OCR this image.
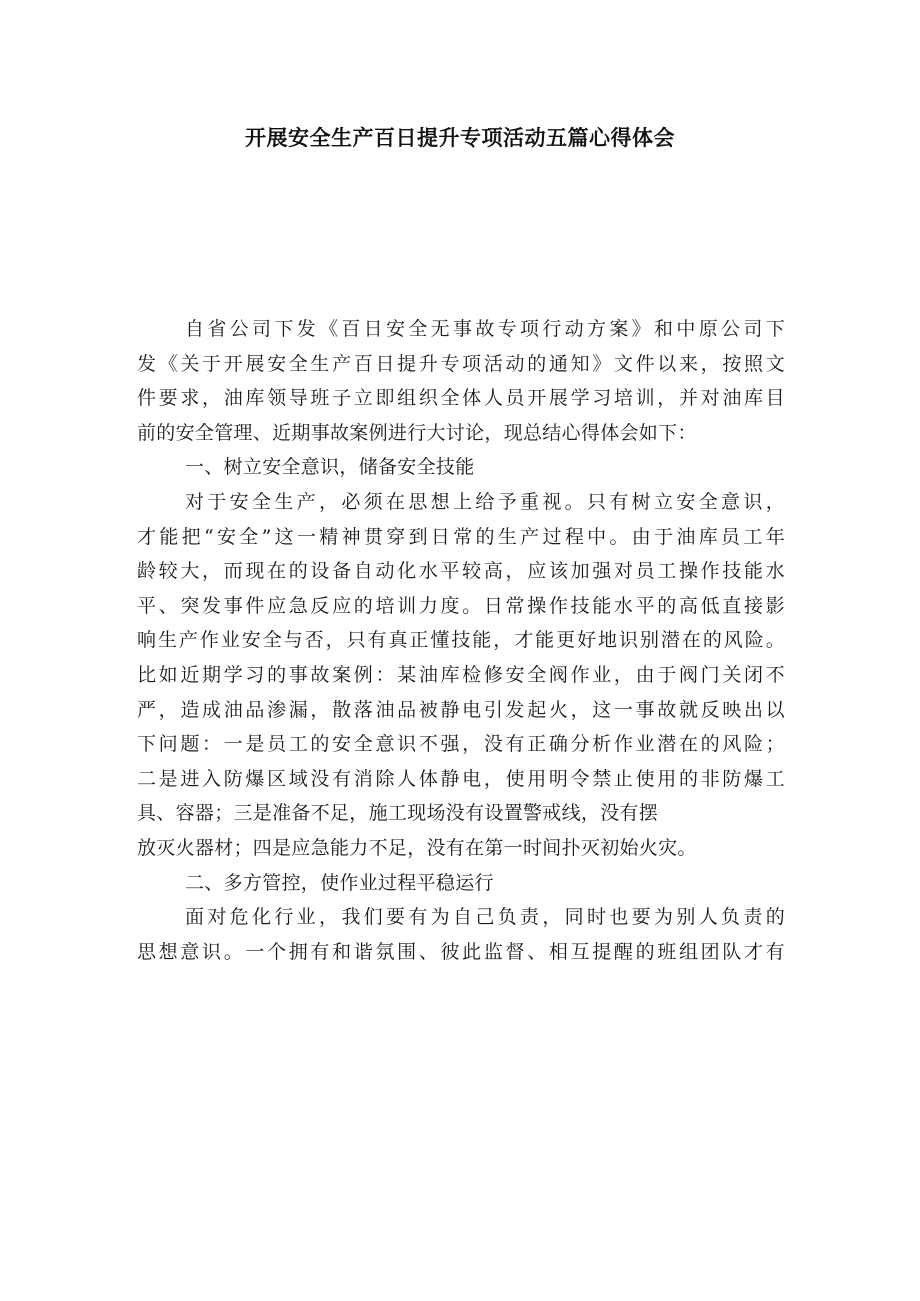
开展安全生产百日提升专项活动五篇心得体会
自省公司下发《百日安全无事故专项行动方案》和中原公司下
发《关于开展安全生产百日提升专项活动的通知》文件以来，按照文
件要求，油库领导班子立即组织全体人员开展学习培训，并对油库目
前的安全管理、近期事故案例进行大讨论，现总结心得体会如下：
一、树立安全意识，储备安全技能
对于安全生产，必须在思想上给予重视。只有树立安全意识，
才能把“安全”这一精神贯穿到日常的生产过程中。由于油库员工年
龄较大，而现在的设备自动化水平较高，应该加强对员工操作技能水
平、突发事件应急反应的培训力度。日常操作技能水平的高低直接影
响生产作业安全与否，只有真正懂技能，才能更好地识别潜在的风险。
比如近期学习的事故案例：某油库检修安全阀作业，由于阀门关闭不
严，造成油品渗漏，散落油品被静电引发起火，这一事故就反映出以
下问题：一是员工的安全意识不强，没有正确分析作业潜在的风险；
二是进入防爆区域没有消除人体静电，使用明令禁止使用的非防爆工
具、容器；三是准备不足，施工现场没有设置警戒线，没有摆
放灭火器材；四是应急能力不足，没有在第一时间扑灭初始火灾。
二、多方管控，使作业过程平稳运行
面对危化行业，我们要有为自己负责，同时也要为别人负责的
思想意识。一个拥有和谐氛围、彼此监督、相互提醒的班组团队才有
